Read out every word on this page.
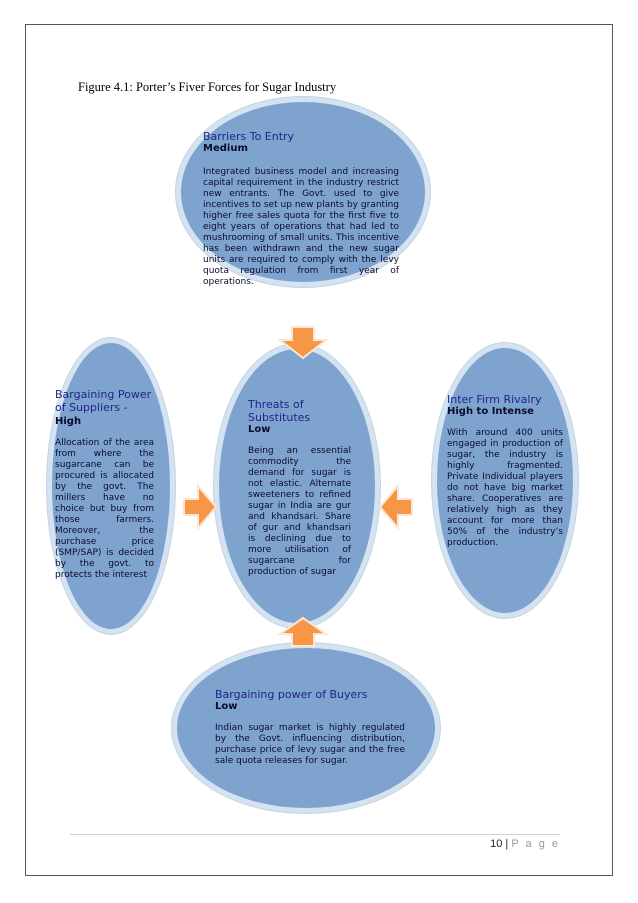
Figure 4.1: Porter’s Fiver Forces for Sugar Industry
Barriers To Entry
Medium
Integrated business model and increasing capital requirement in the industry restrict new entrants. The Govt. used to give incentives to set up new plants by granting higher free sales quota for the first five to eight years of operations that had led to mushrooming of small units. This incentive has been withdrawn and the new sugar units are required to comply with the levy quota regulation from first year of operations.
Bargaining Power of Suppliers - High
Allocation of the area from where the sugarcane can be procured is allocated by the govt. The millers have no choice but buy from those farmers. Moreover, the purchase price (SMP/SAP) is decided by the govt. to protects the interest
Threats of Substitutes
Low
Being an essential commodity the demand for sugar is not elastic. Alternate sweeteners to refined sugar in India are gur and khandsari. Share of gur and khandsari is declining due to more utilisation of sugarcane for production of sugar
Inter Firm Rivalry
High to Intense
With around 400 units engaged in production of sugar, the industry is highly fragmented. Private Individual players do not have big market share. Cooperatives are relatively high as they account for more than 50% of the industry’s production.
Bargaining power of Buyers
Low
Indian sugar market is highly regulated by the Govt. influencing distribution, purchase price of levy sugar and the free sale quota releases for sugar.
10 | P a g e
